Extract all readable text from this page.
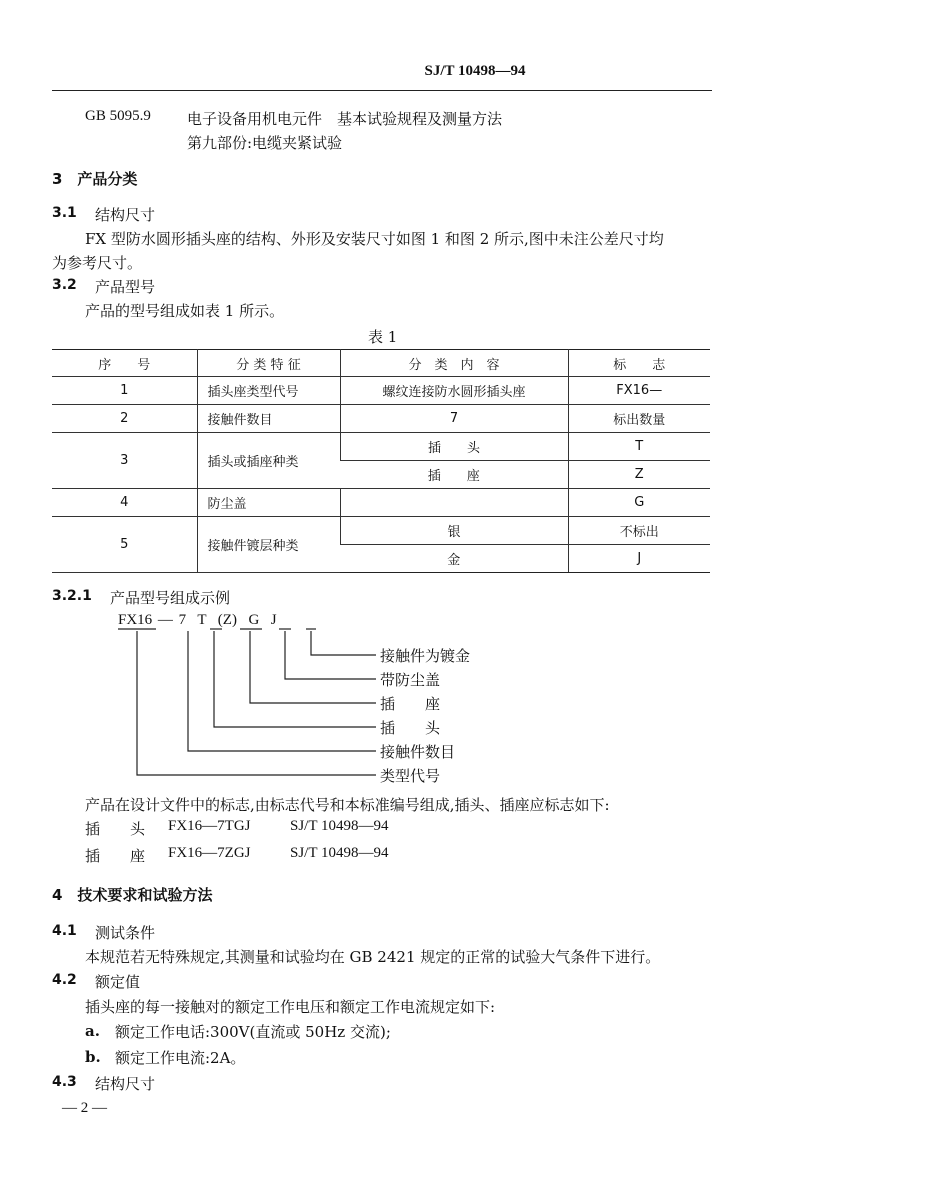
SJ/T 10498—94
GB 5095.9 电子设备用机电元件　基本试验规程及测量方法
第九部份:电缆夹紧试验
3　产品分类
3.1 结构尺寸
FX 型防水圆形插头座的结构、外形及安装尺寸如图 1 和图 2 所示,图中未注公差尺寸均
为参考尺寸。
3.2 产品型号
产品的型号组成如表 1 所示。
表 1
序　　号	分 类 特 征	分　类　内　容	标　　志
1	插头座类型代号	螺纹连接防水圆形插头座	FX16—
2	接触件数目	7	标出数量
3	插头或插座种类	插　　头	T
		插　　座	Z
4	防尘盖		G
5	接触件镀层种类	银	不标出
		金	J
3.2.1 产品型号组成示例
FX16 — 7  T  (Z)  G  J
接触件为镀金
带防尘盖
插　　座
插　　头
接触件数目
类型代号
产品在设计文件中的标志,由标志代号和本标准编号组成,插头、插座应标志如下:
插　　头 FX16—7TGJ	SJ/T 10498—94
插　　座 FX16—7ZGJ	SJ/T 10498—94
4　技术要求和试验方法
4.1 测试条件
本规范若无特殊规定,其测量和试验均在 GB 2421 规定的正常的试验大气条件下进行。
4.2 额定值
插头座的每一接触对的额定工作电压和额定工作电流规定如下:
a. 额定工作电话:300V(直流或 50Hz 交流);
b. 额定工作电流:2A。
4.3 结构尺寸
— 2 —
